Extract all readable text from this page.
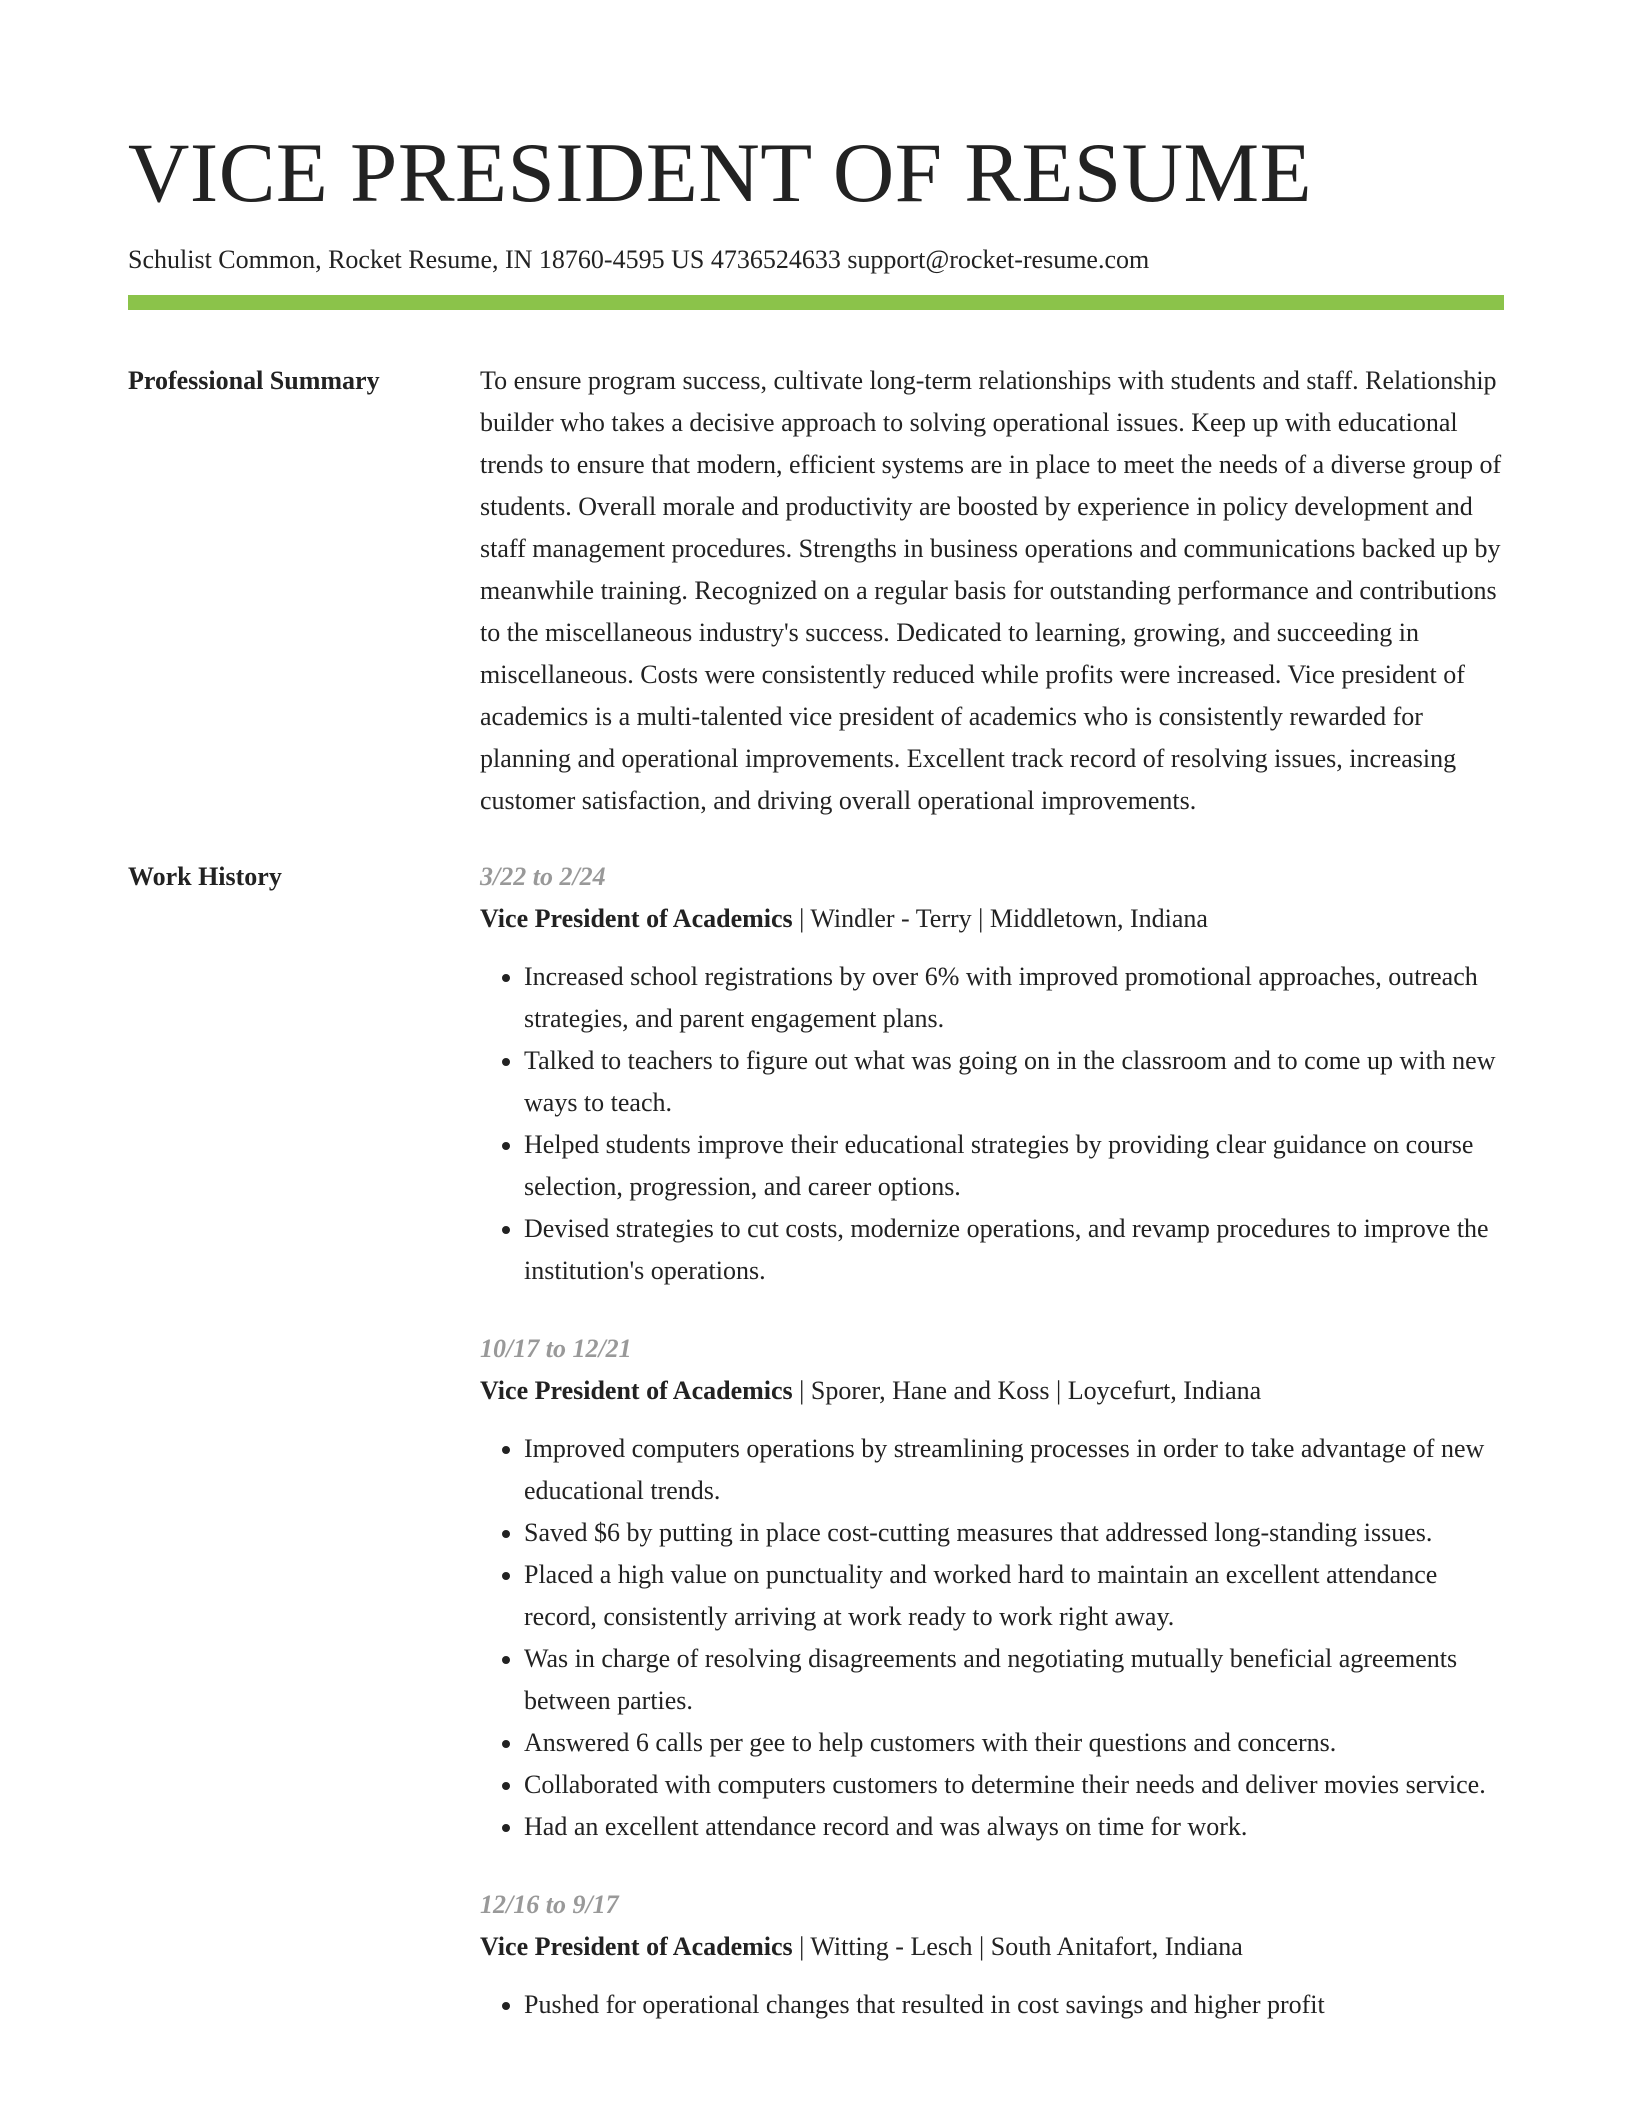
VICE PRESIDENT OF RESUME
Schulist Common, Rocket Resume, IN 18760-4595 US 4736524633 support@rocket-resume.com
Professional Summary	To ensure program success, cultivate long-term relationships with students and staff. Relationship builder who takes a decisive approach to solving operational issues. Keep up with educational trends to ensure that modern, efficient systems are in place to meet the needs of a diverse group of students. Overall morale and productivity are boosted by experience in policy development and staff management procedures. Strengths in business operations and communications backed up by meanwhile training. Recognized on a regular basis for outstanding performance and contributions to the miscellaneous industry's success. Dedicated to learning, growing, and succeeding in miscellaneous. Costs were consistently reduced while profits were increased. Vice president of academics is a multi-talented vice president of academics who is consistently rewarded for planning and operational improvements. Excellent track record of resolving issues, increasing customer satisfaction, and driving overall operational improvements.

Work History	3/22 to 2/24
Vice President of Academics | Windler - Terry | Middletown, Indiana
• Increased school registrations by over 6% with improved promotional approaches, outreach strategies, and parent engagement plans.
• Talked to teachers to figure out what was going on in the classroom and to come up with new ways to teach.
• Helped students improve their educational strategies by providing clear guidance on course selection, progression, and career options.
• Devised strategies to cut costs, modernize operations, and revamp procedures to improve the institution's operations.
10/17 to 12/21
Vice President of Academics | Sporer, Hane and Koss | Loycefurt, Indiana
• Improved computers operations by streamlining processes in order to take advantage of new educational trends.
• Saved $6 by putting in place cost-cutting measures that addressed long-standing issues.
• Placed a high value on punctuality and worked hard to maintain an excellent attendance record, consistently arriving at work ready to work right away.
• Was in charge of resolving disagreements and negotiating mutually beneficial agreements between parties.
• Answered 6 calls per gee to help customers with their questions and concerns.
• Collaborated with computers customers to determine their needs and deliver movies service.
• Had an excellent attendance record and was always on time for work.
12/16 to 9/17
Vice President of Academics | Witting - Lesch | South Anitafort, Indiana
• Pushed for operational changes that resulted in cost savings and higher profit
